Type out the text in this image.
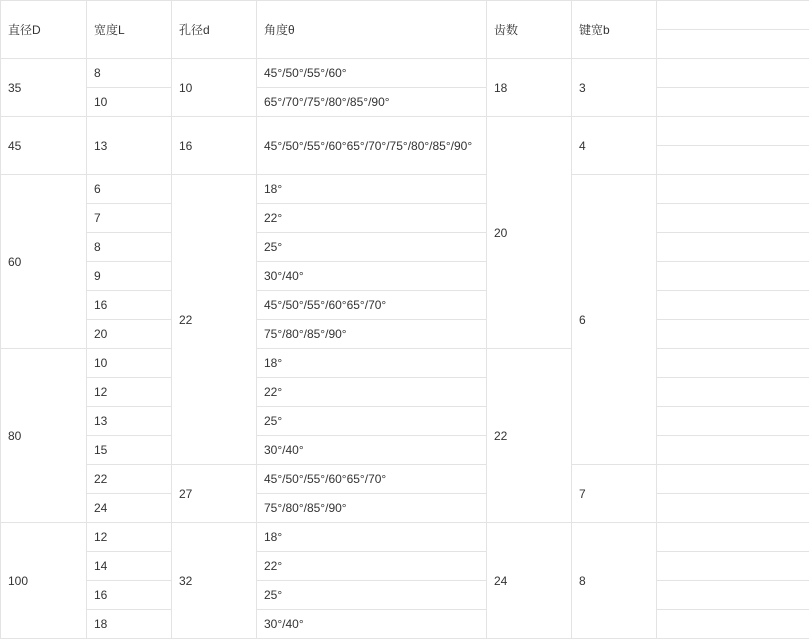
直径D	宽度L	孔径d	角度θ	齿数	键宽b	

35	8	10	45°/50°/55°/60°	18	3	
	10		65°/70°/75°/80°/85°/90°			
45	13	16	45°/50°/55°/60°65°/70°/75°/80°/85°/90°	20	4	

60	6	22	18°		6	
	7		22°			
	8		25°			
	9		30°/40°			
	16		45°/50°/55°/60°65°/70°			
	20		75°/80°/85°/90°			
80	10		18°	22		
	12		22°			
	13		25°			
	15		30°/40°			
	22	27	45°/50°/55°/60°65°/70°		7	
	24		75°/80°/85°/90°			
100	12	32	18°	24	8	
	14		22°			
	16		25°			
	18		30°/40°			
